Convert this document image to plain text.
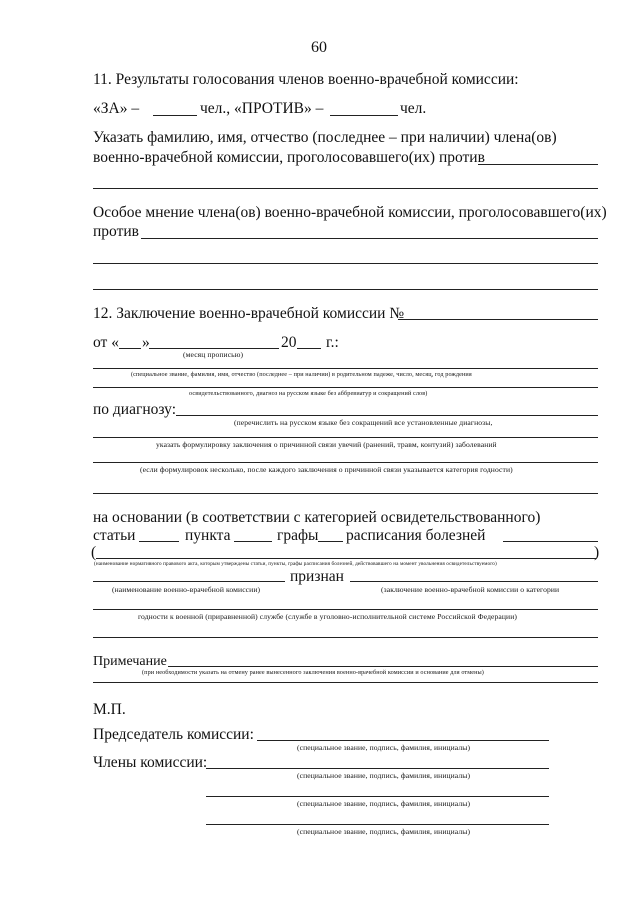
60
11. Результаты голосования членов военно-врачебной комиссии:
«ЗА» –	чел., «ПРОТИВ» –	чел.
Указать фамилию, имя, отчество (последнее – при наличии) члена(ов)
военно-врачебной комиссии, проголосовавшего(их) против
Особое мнение члена(ов) военно-врачебной комиссии, проголосовавшего(их)
против
12. Заключение военно-врачебной комиссии №
от « »	20 г.:
(месяц прописью)
(специальное звание, фамилия, имя, отчество (последнее – при наличии) в родительном падеже, число, месяц, год рождения
освидетельствованного, диагноз на русском языке без аббревиатур и сокращений слов)
по диагнозу:
(перечислить на русском языке без сокращений все установленные диагнозы,
указать формулировку заключения о причинной связи увечий (ранений, травм, контузий) заболеваний
(если формулировок несколько, после каждого заключения о причинной связи указывается категория годности)
на основании (в соответствии с категорией освидетельствованного)
статьи	пункта	графы расписания болезней
(	)
(наименование нормативного правового акта, которым утверждены статьи, пункты, графы расписания болезней, действовавшего на момент увольнения освидетельствуемого)
признан
(наименование военно-врачебной комиссии)	(заключение военно-врачебной комиссии о категории
годности к военной (приравненной) службе (службе в уголовно-исполнительной системе Российской Федерации)
Примечание
(при необходимости указать на отмену ранее вынесенного заключения военно-врачебной комиссии и основание для отмены)
М.П.
Председатель комиссии:
(специальное звание, подпись, фамилия, инициалы)
Члены комиссии:
(специальное звание, подпись, фамилия, инициалы)
(специальное звание, подпись, фамилия, инициалы)
(специальное звание, подпись, фамилия, инициалы)
